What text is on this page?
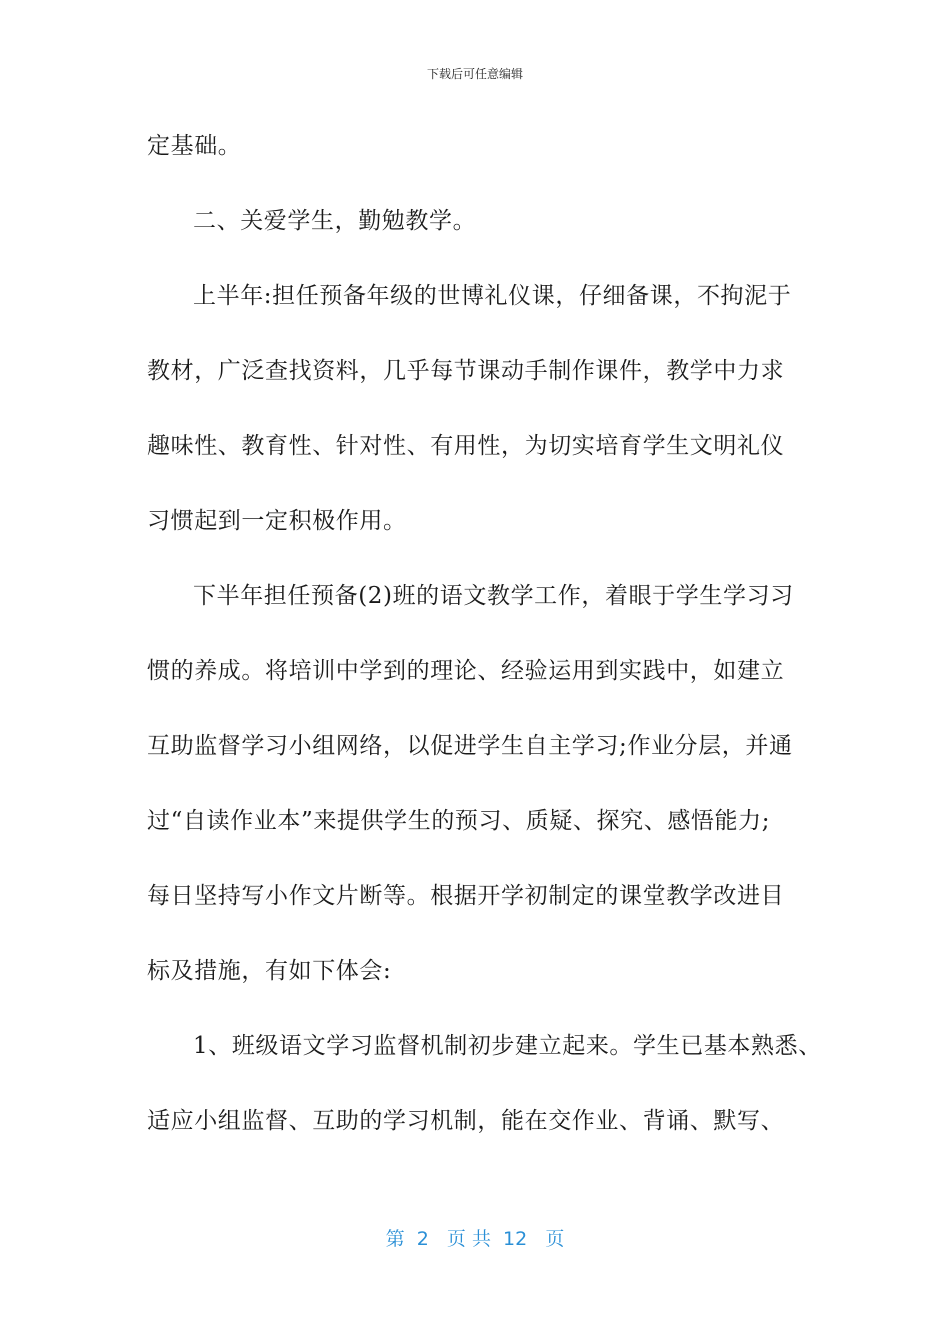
下载后可任意编辑
定基础。
二、关爱学生，勤勉教学。
上半年:担任预备年级的世博礼仪课，仔细备课，不拘泥于
教材，广泛查找资料，几乎每节课动手制作课件，教学中力求
趣味性、教育性、针对性、有用性，为切实培育学生文明礼仪
习惯起到一定积极作用。
下半年担任预备(2)班的语文教学工作，着眼于学生学习习
惯的养成。将培训中学到的理论、经验运用到实践中，如建立
互助监督学习小组网络，以促进学生自主学习;作业分层，并通
过“自读作业本”来提供学生的预习、质疑、探究、感悟能力;
每日坚持写小作文片断等。根据开学初制定的课堂教学改进目
标及措施，有如下体会:
1、班级语文学习监督机制初步建立起来。学生已基本熟悉、
适应小组监督、互助的学习机制，能在交作业、背诵、默写、
第  2   页 共  12   页
